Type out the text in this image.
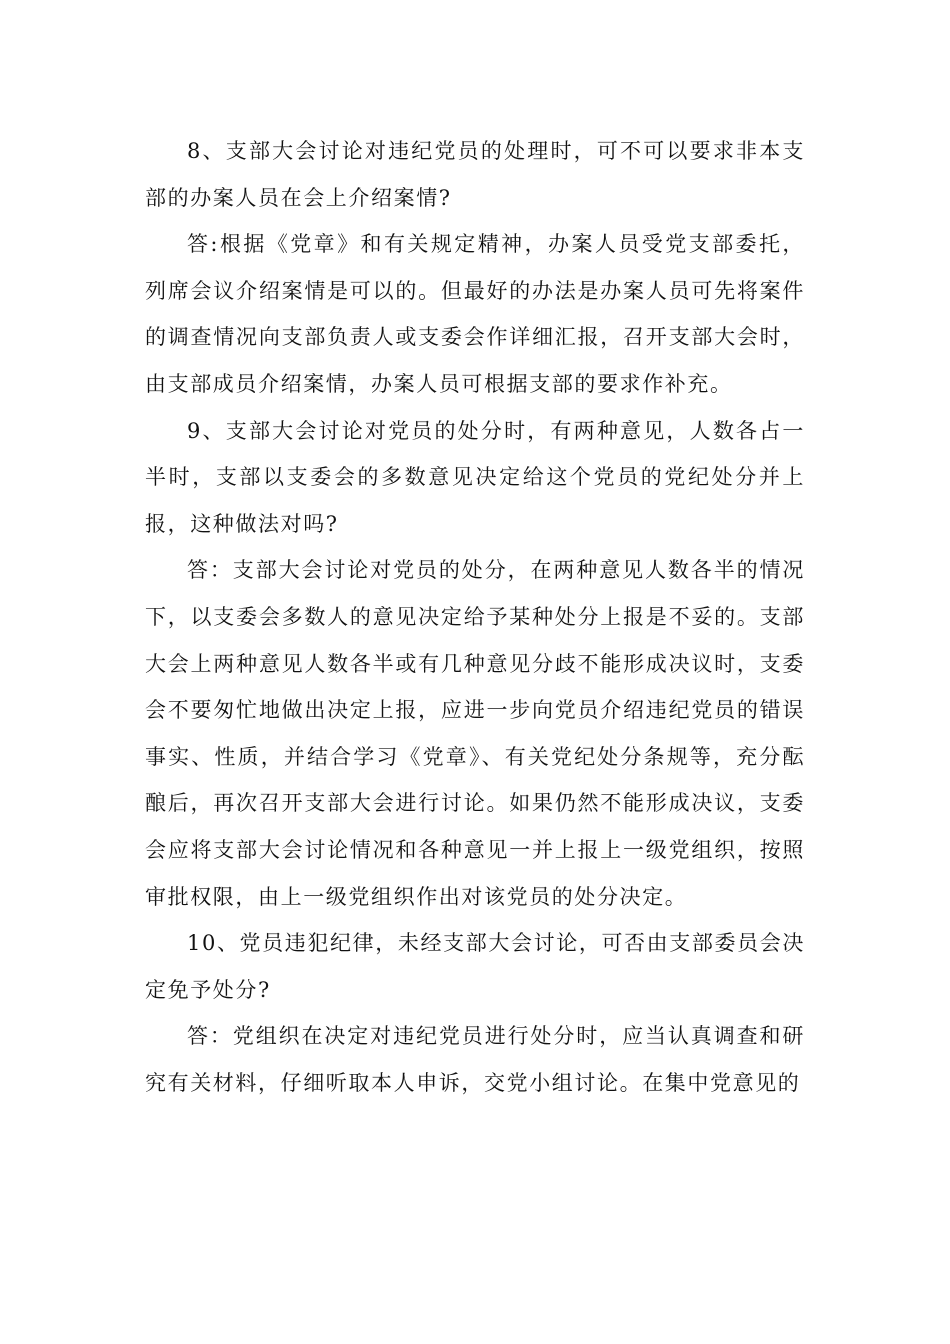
8、支部大会讨论对违纪党员的处理时，可不可以要求非本支部的办案人员在会上介绍案情?

答:根据《党章》和有关规定精神，办案人员受党支部委托，列席会议介绍案情是可以的。但最好的办法是办案人员可先将案件的调查情况向支部负责人或支委会作详细汇报，召开支部大会时，由支部成员介绍案情，办案人员可根据支部的要求作补充。

9、支部大会讨论对党员的处分时，有两种意见，人数各占一半时，支部以支委会的多数意见决定给这个党员的党纪处分并上报，这种做法对吗?

答：支部大会讨论对党员的处分，在两种意见人数各半的情况下，以支委会多数人的意见决定给予某种处分上报是不妥的。支部大会上两种意见人数各半或有几种意见分歧不能形成决议时，支委会不要匆忙地做出决定上报，应进一步向党员介绍违纪党员的错误事实、性质，并结合学习《党章》、有关党纪处分条规等，充分酝酿后，再次召开支部大会进行讨论。如果仍然不能形成决议，支委会应将支部大会讨论情况和各种意见一并上报上一级党组织，按照审批权限，由上一级党组织作出对该党员的处分决定。

10、党员违犯纪律，未经支部大会讨论，可否由支部委员会决定免予处分?

答：党组织在决定对违纪党员进行处分时，应当认真调查和研究有关材料，仔细听取本人申诉，交党小组讨论。在集中党意见的
